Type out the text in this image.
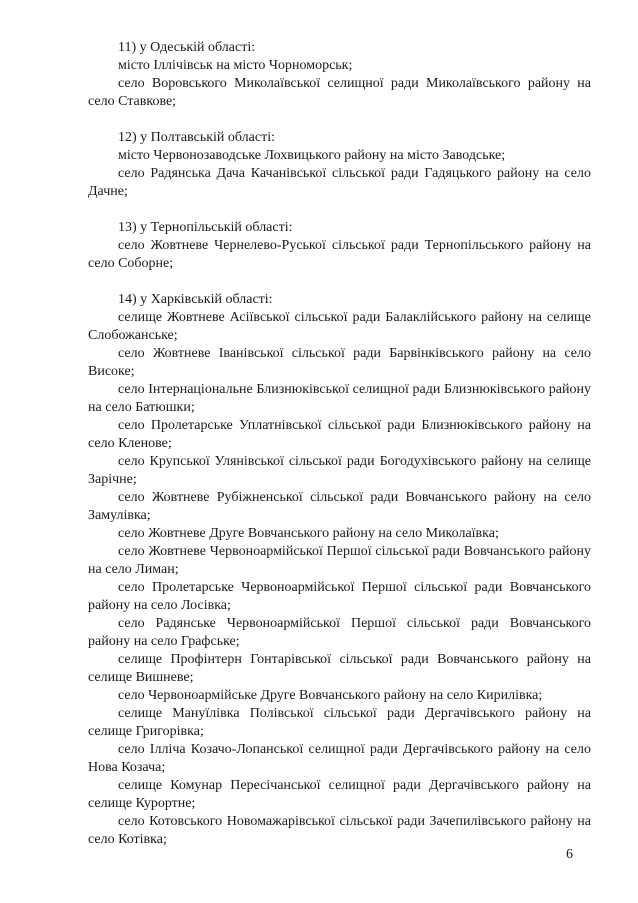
11) у Одеській області:

місто Іллічівськ на місто Чорноморськ;

село Воровського Миколаївської селищної ради Миколаївського району на село Ставкове;

12) у Полтавській області:

місто Червонозаводське Лохвицького району на місто Заводське;

село Радянська Дача Качанівської сільської ради Гадяцького району на село Дачне;

13) у Тернопільській області:

село Жовтневе Чернелево-Руської сільської ради Тернопільського району на село Соборне;

14) у Харківській області:

селище Жовтневе Асіївської сільської ради Балаклійського району на селище Слобожанське;

село Жовтневе Іванівської сільської ради Барвінківського району на село Високе;

село Інтернаціональне Близнюківської селищної ради Близнюківського району на село Батюшки;

село Пролетарське Уплатнівської сільської ради Близнюківського району на село Кленове;

село Крупської Улянівської сільської ради Богодухівського району на селище Зарічне;

село Жовтневе Рубіжненської сільської ради Вовчанського району на село Замулівка;

село Жовтневе Друге Вовчанського району на село Миколаївка;

село Жовтневе Червоноармійської Першої сільської ради Вовчанського району на село Лиман;

село Пролетарське Червоноармійської Першої сільської ради Вовчанського району на село Лосівка;

село Радянське Червоноармійської Першої сільської ради Вовчанського району на село Графське;

селище Профінтерн Гонтарівської сільської ради Вовчанського району на селище Вишневе;

село Червоноармійське Друге Вовчанського району на село Кирилівка;

селище Мануїлівка Полівської сільської ради Дергачівського району на селище Григорівка;

село Ілліча Козачо-Лопанської селищної ради Дергачівського району на село Нова Козача;

селище Комунар Пересічанської селищної ради Дергачівського району на селище Курортне;

село Котовського Новомажарівської сільської ради Зачепилівського району на село Котівка;

6
